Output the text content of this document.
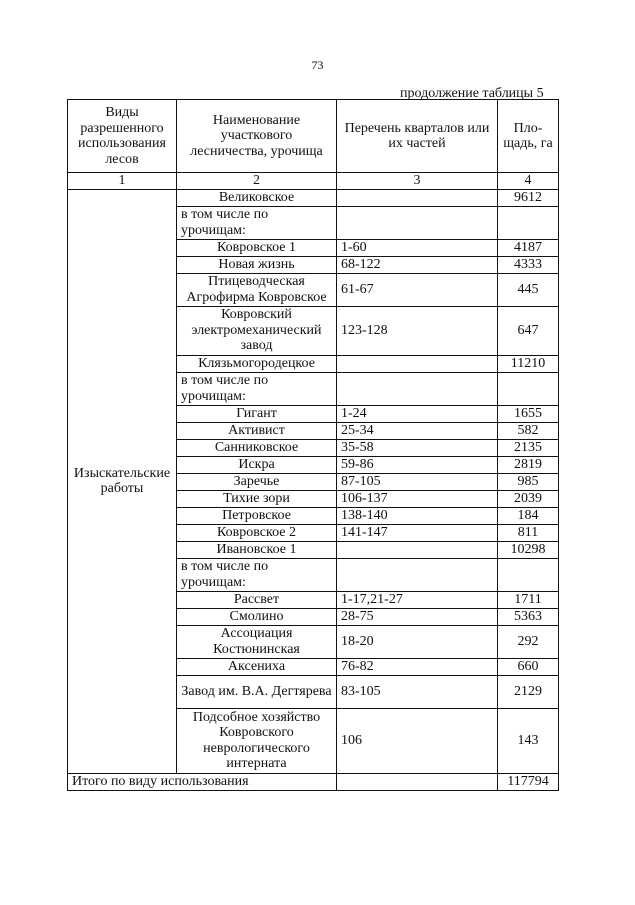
73
продолжение таблицы 5
Виды разрешенного использования лесов	Наименование участкового лесничества, урочища	Перечень кварталов или их частей	Пло-щадь, га
1	2	3	4
Изыскательские работы	Великовское		9612
	в том числе по урочищам:		
	Ковровское 1	1-60	4187
	Новая жизнь	68-122	4333
	Птицеводческая Агрофирма Ковровское	61-67	445
	Ковровский электромеханический завод	123-128	647
	Клязьмогородецкое		11210
	в том числе по урочищам:		
	Гигант	1-24	1655
	Активист	25-34	582
	Санниковское	35-58	2135
	Искра	59-86	2819
	Заречье	87-105	985
	Тихие зори	106-137	2039
	Петровское	138-140	184
	Ковровское 2	141-147	811
	Ивановское 1		10298
	в том числе по урочищам:		
	Рассвет	1-17,21-27	1711
	Смолино	28-75	5363
	Ассоциация Костюнинская	18-20	292
	Аксениха	76-82	660
	Завод им. В.А. Дегтярева	83-105	2129
	Подсобное хозяйство Ковровского неврологического интерната	106	143
Итого по виду использования			117794
